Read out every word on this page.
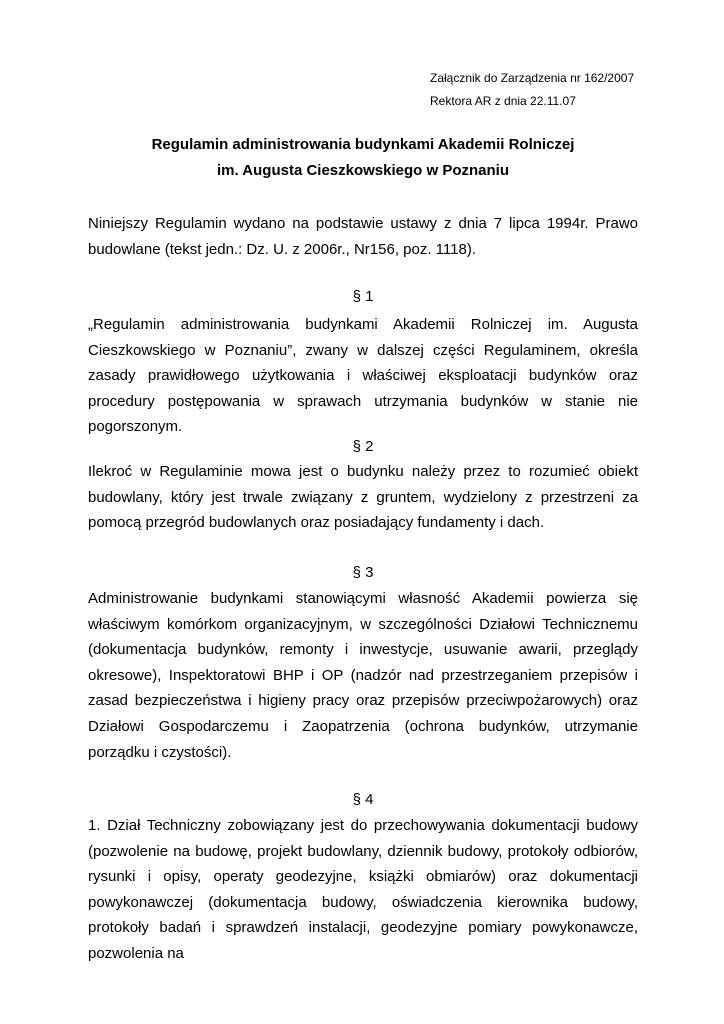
Załącznik do Zarządzenia nr 162/2007
Rektora AR z dnia 22.11.07
Regulamin administrowania budynkami Akademii Rolniczej
im. Augusta Cieszkowskiego w Poznaniu
Niniejszy Regulamin wydano na podstawie ustawy z dnia 7 lipca 1994r. Prawo budowlane (tekst jedn.: Dz. U. z 2006r., Nr156, poz. 1118).
§ 1

„Regulamin administrowania budynkami Akademii Rolniczej im. Augusta Cieszkowskiego w Poznaniu”, zwany w dalszej części Regulaminem, określa zasady prawidłowego użytkowania i właściwej eksploatacji budynków oraz procedury postępowania w sprawach utrzymania budynków w stanie nie pogorszonym.

§ 2

Ilekroć w Regulaminie mowa jest o budynku należy przez to rozumieć obiekt budowlany, który jest trwale związany z gruntem, wydzielony z przestrzeni za pomocą przegród budowlanych oraz posiadający fundamenty i dach.

§ 3

Administrowanie budynkami stanowiącymi własność Akademii powierza się właściwym komórkom organizacyjnym, w szczególności Działowi Technicznemu (dokumentacja budynków, remonty i inwestycje, usuwanie awarii, przeglądy okresowe), Inspektoratowi BHP i OP (nadzór nad przestrzeganiem przepisów i zasad bezpieczeństwa i higieny pracy oraz przepisów przeciwpożarowych) oraz Działowi Gospodarczemu i Zaopatrzenia (ochrona budynków, utrzymanie porządku i czystości).

§ 4

1. Dział Techniczny zobowiązany jest do przechowywania dokumentacji budowy (pozwolenie na budowę, projekt budowlany, dziennik budowy, protokoły odbiorów, rysunki i opisy, operaty geodezyjne, książki obmiarów) oraz dokumentacji powykonawczej (dokumentacja budowy, oświadczenia kierownika budowy, protokoły badań i sprawdzeń instalacji, geodezyjne pomiary powykonawcze, pozwolenia na
